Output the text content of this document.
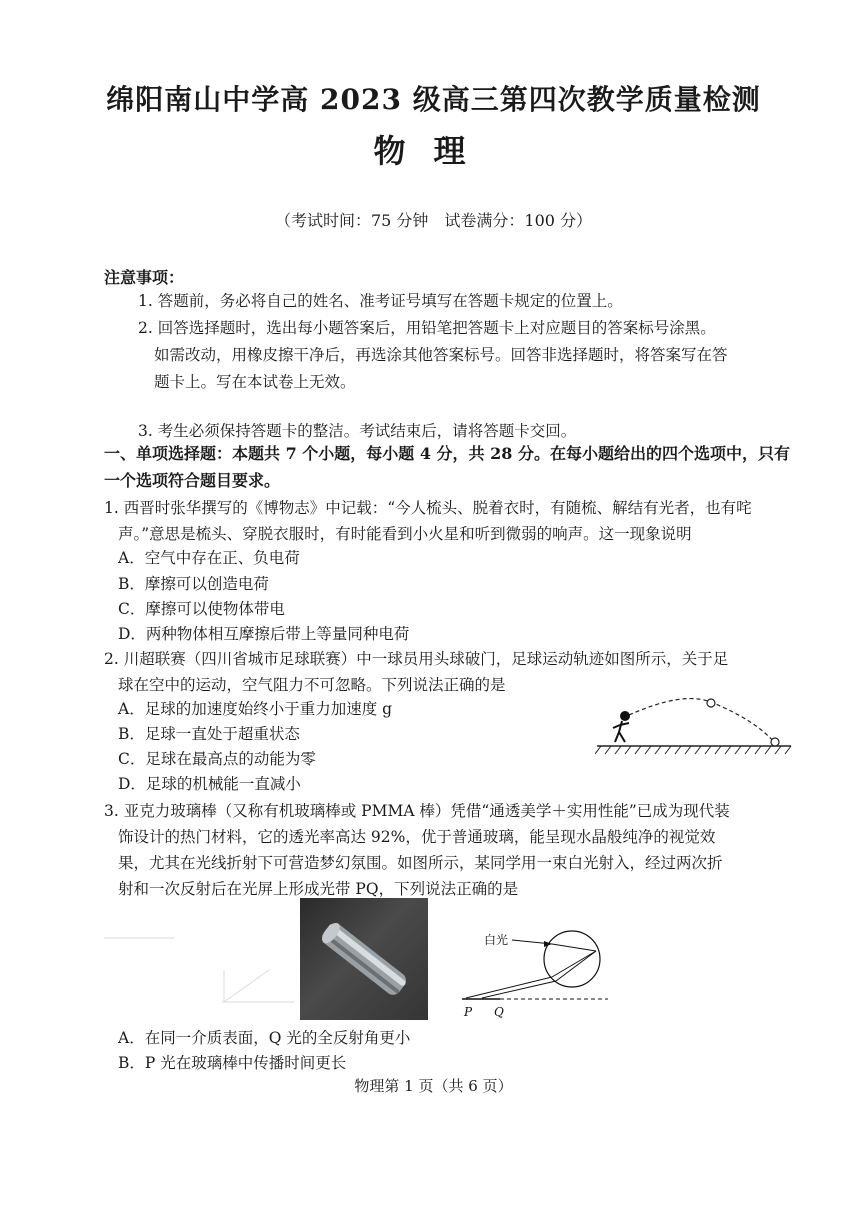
绵阳南山中学高 2023 级高三第四次教学质量检测
物理
（考试时间：75 分钟　试卷满分：100 分）
注意事项：
1. 答题前，务必将自己的姓名、准考证号填写在答题卡规定的位置上。
2. 回答选择题时，选出每小题答案后，用铅笔把答题卡上对应题目的答案标号涂黑。
如需改动，用橡皮擦干净后，再选涂其他答案标号。回答非选择题时，将答案写在答
题卡上。写在本试卷上无效。
3. 考生必须保持答题卡的整洁。考试结束后，请将答题卡交回。
一、单项选择题：本题共 7 个小题，每小题 4 分，共 28 分。在每小题给出的四个选项中，只有
一个选项符合题目要求。
1. 西晋时张华撰写的《博物志》中记载：“今人梳头、脱着衣时，有随梳、解结有光者，也有咤
声。”意思是梳头、穿脱衣服时，有时能看到小火星和听到微弱的响声。这一现象说明
A．空气中存在正、负电荷
B．摩擦可以创造电荷
C．摩擦可以使物体带电
D．两种物体相互摩擦后带上等量同种电荷
2. 川超联赛（四川省城市足球联赛）中一球员用头球破门，足球运动轨迹如图所示，关于足
球在空中的运动，空气阻力不可忽略。下列说法正确的是
A．足球的加速度始终小于重力加速度 g
B．足球一直处于超重状态
C．足球在最高点的动能为零
D．足球的机械能一直减小
3. 亚克力玻璃棒（又称有机玻璃棒或 PMMA 棒）凭借“通透美学＋实用性能”已成为现代装
饰设计的热门材料，它的透光率高达 92%，优于普通玻璃，能呈现水晶般纯净的视觉效
果，尤其在光线折射下可营造梦幻氛围。如图所示，某同学用一束白光射入，经过两次折
射和一次反射后在光屏上形成光带 PQ，下列说法正确的是
白光
P Q
A．在同一介质表面，Q 光的全反射角更小
B．P 光在玻璃棒中传播时间更长
物理第 1 页（共 6 页）
